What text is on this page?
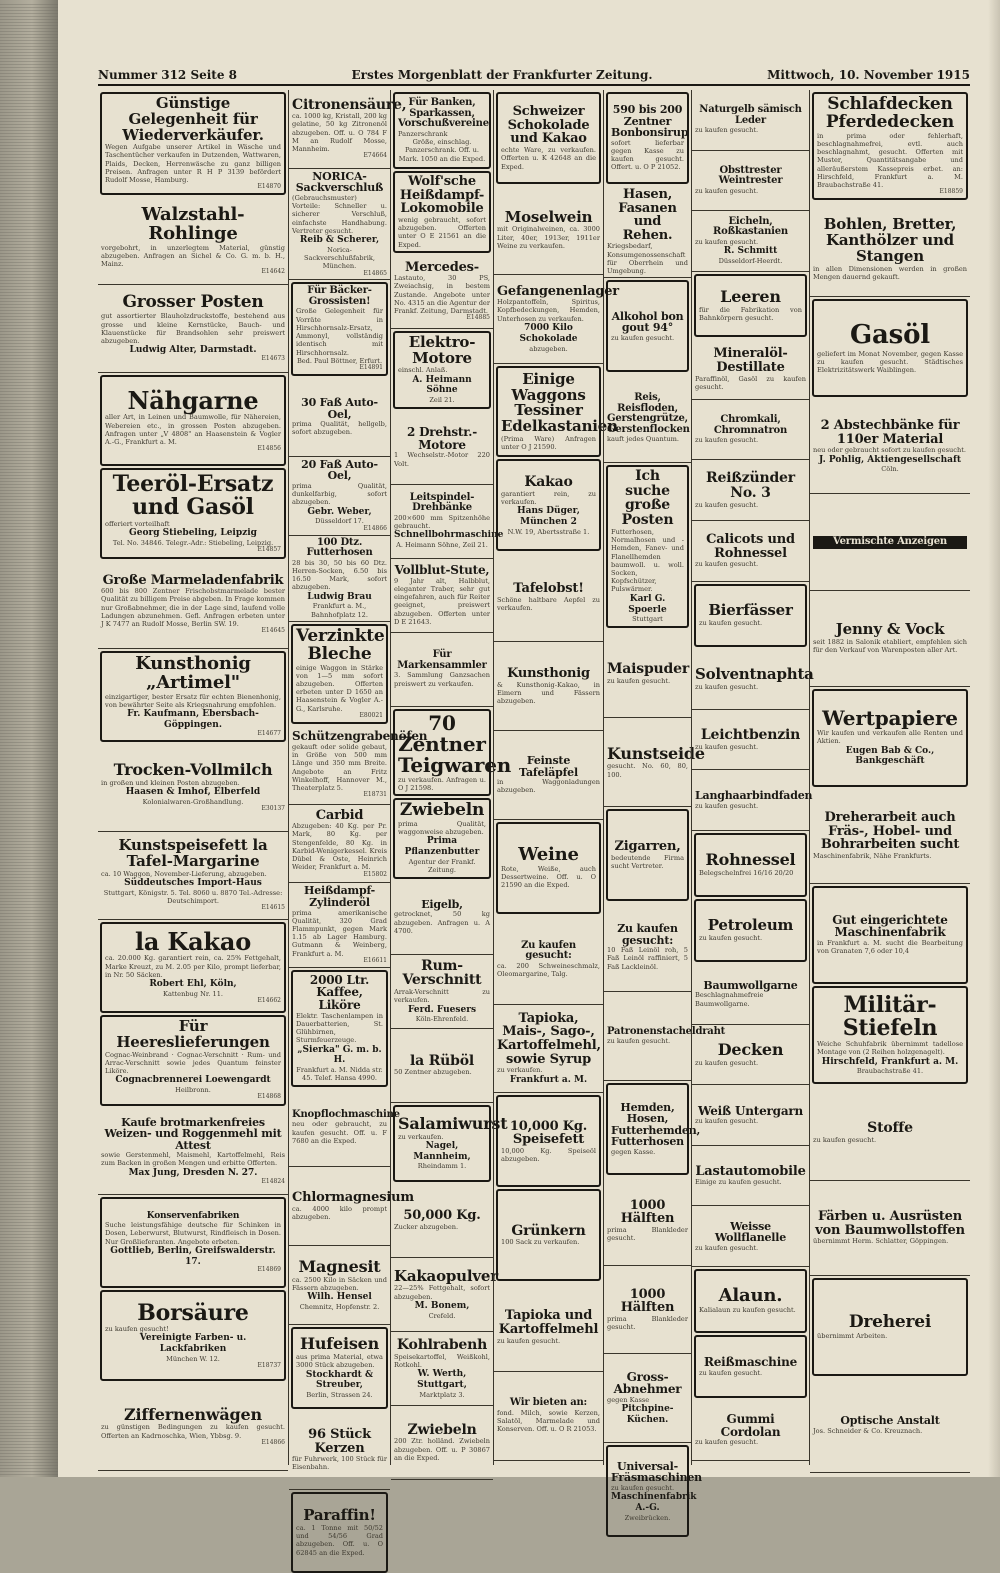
Nummer 312 Seite 8	Erstes Morgenblatt der Frankfurter Zeitung.	Mittwoch, 10. November 1915
Günstige Gelegenheit für Wiederverkäufer.
Wegen Aufgabe unserer Artikel in Wäsche und Taschentücher verkaufen in Dutzenden, Wattwaren, Plaids, Decken, Herrenwäsche zu ganz billigen Preisen. Anfragen unter R H P 3139 befördert Rudolf Mosse, Hamburg.
E14870
Walzstahl-Rohlinge
vorgebohrt, in unzerlegtem Material, günstig abzugeben. Anfragen an Sichel & Co. G. m. b. H., Mainz.
E14642
Grosser Posten
gut assortierter Blauholzdruckstoffe, bestehend aus grosse und kleine Kernstücke, Bauch- und Klauenstücke für Brandsohlen sehr preiswert abzugeben.
Ludwig Alter, Darmstadt.
E14673
Nähgarne
aller Art, in Leinen und Baumwolle, für Nähereien, Webereien etc., in grossen Posten abzugeben. Anfragen unter „V 4808" an Haasenstein & Vogler A.-G., Frankfurt a. M.
E14856
Teeröl-Ersatz und Gasöl
offeriert vorteilhaft
Georg Stiebeling, Leipzig
Tel. No. 34846. Telegr.-Adr.: Stiebeling, Leipzig.
E14857
Große Marmeladenfabrik
600 bis 800 Zentner Frischobstmarmelade bester Qualität zu billigem Preise abgeben. In Frage kommen nur Großabnehmer, die in der Lage sind, laufend volle Ladungen abzunehmen. Gefl. Anfragen erbeten unter J K 7477 an Rudolf Mosse, Berlin SW. 19.
E14645
Kunsthonig „Artimel"
einzigartiger, bester Ersatz für echten Bienenhonig, von bewährter Seite als Kriegsnahrung empfohlen.
Fr. Kaufmann, Ebersbach-Göppingen.
E14677
Trocken-Vollmilch
in großen und kleinen Posten abzugeben.
Haasen & Imhof, Elberfeld
Kolonialwaren-Großhandlung.
E30137
Kunstspeisefett la Tafel-Margarine
ca. 10 Waggon, November-Lieferung, abzugeben.
Süddeutsches Import-Haus
Stuttgart, Königstr. 5. Tel. 8060 u. 8870 Tel.-Adresse: Deutschimport.
E14615
la Kakao
ca. 20.000 Kg. garantiert rein, ca. 25% Fettgehalt, Marke Kreuzt, zu M. 2.05 per Kilo, prompt lieferbar, in Nr. 50 Säcken.
Robert Ehl, Köln,
Kattenbug Nr. 11.
E14662
Für Heereslieferungen
Cognac-Weinbrand · Cognac-Verschnitt · Rum- und Arrac-Verschnitt sowie jedes Quantum feinster Liköre.
Cognacbrennerei Loewengardt
Heilbronn.
E14868
Kaufe brotmarkenfreies Weizen- und Roggenmehl mit Attest
sowie Gerstenmehl, Maismehl, Kartoffelmehl, Reis zum Backen in großen Mengen und erbitte Offerten.
Max Jung, Dresden N. 27.
E14824
Konservenfabriken
Suche leistungsfähige deutsche für Schinken in Dosen, Leberwurst, Blutwurst, Rindfleisch in Dosen. Nur Großlieferanten. Angebote erbeten.
Gottlieb, Berlin, Greifswalderstr. 17.
E14869
Borsäure
zu kaufen gesucht!
Vereinigte Farben- u. Lackfabriken
München W. 12.
E18737
Ziffernenwägen
zu günstigen Bedingungen zu kaufen gesucht. Offerten an Kadrnoschka, Wien, Ybbsg. 9.
E14866
Citronensäure,
ca. 1000 kg, Kristall, 200 kg gelatine, 50 kg Zitronenöl abzugeben. Off. u. O 784 F M an Rudolf Mosse, Mannheim.
E74664
NORICA-Sackverschluß
(Gebrauchsmuster) Vorteile: Schneller u. sicherer Verschluß, einfachste Handhabung. Vertreter gesucht.
Reib & Scherer,
Norica-Sackverschlußfabrik, München.
E14865
Für Bäcker-Grossisten!
Große Gelegenheit für Vorräte in Hirschhornsalz-Ersatz, Ammonyl, vollständig identisch mit Hirschhornsalz.
Bed. Paul Böttner, Erfurt.
E14891
30 Faß Auto-Oel,
prima Qualität, hellgelb, sofort abzugeben.
20 Faß Auto-Oel,
prima Qualität, dunkelfarbig, sofort abzugeben.
Gebr. Weber,
Düsseldorf 17.
E14866
100 Dtz. Futterhosen
28 bis 30, 50 bis 60 Dtz. Herren-Socken, 6.50 bis 16.50 Mark, sofort abzugeben.
Ludwig Brau
Frankfurt a. M., Bahnhofplatz 12.
Verzinkte Bleche
einige Waggon in Stärke von 1—5 mm sofort abzugeben. Offerten erbeten unter D 1650 an Haasenstein & Vogler A.-G., Karlsruhe.
E80021
Schützengrabenöfen
gekauft oder solide gebaut, in Größe von 500 mm Länge und 350 mm Breite. Angebote an Fritz Winkelhoff, Hannover M., Theaterplatz 5.
E18731
Carbid
Abzugeben: 40 Kg. per Pr. Mark, 80 Kg. per Stengenfelde, 80 Kg. in Karbid-Wenigerkessel. Kreis Dübel & Oste, Heinrich Weider, Frankfurt a. M.
E15802
Heißdampf-Zylinderöl
prima amerikanische Qualität, 320 Grad Flammpunkt, gegen Mark 1.15 ab Lager Hamburg. Gutmann & Weinberg, Frankfurt a. M.
E16611
2000 Ltr. Kaffee, Liköre
Elektr. Taschenlampen in Dauerbatterien, St. Glühbirnen, Sturmfeuerzeuge.
„Sierka" G. m. b. H.
Frankfurt a. M. Nidda str. 45. Telef. Hansa 4990.
Knopflochmaschine
neu oder gebraucht, zu kaufen gesucht. Off. u. F 7680 an die Exped.
Chlormagnesium
ca. 4000 kilo prompt abzugeben.
Magnesit
ca. 2500 Kilo in Säcken und Fässern abzugeben.
Wilh. Hensel
Chemnitz, Hopfenstr. 2.
Hufeisen
aus prima Material, etwa 3000 Stück abzugeben.
Stockhardt & Streuber,
Berlin, Strassen 24.
96 Stück Kerzen
für Fuhrwerk, 100 Stück für Eisenbahn.
Paraffin!
ca. 1 Tonne mit 50/52 und 54/56 Grad abzugeben. Off. u. O 62845 an die Exped.
Für Banken, Sparkassen, Vorschußvereine
Panzerschrank
Größe, einschlag. Panzerschrank. Off. u. Mark. 1050 an die Exped.
Wolf'sche Heißdampf-Lokomobile
wenig gebraucht, sofort abzugeben. Offerten unter O E 21561 an die Exped.
Mercedes-
Lastauto, 30 PS, Zweiachsig, in bestem Zustande. Angebote unter No. 4315 an die Agentur der Frankf. Zeitung, Darmstadt.
E14885
Elektro-Motore
einschl. Anlaß.
A. Heimann Söhne
Zeil 21.
2 Drehstr.-Motore
1 Wechselstr.-Motor 220 Volt.
Leitspindel-Drehbänke
200×600 mm Spitzenhöhe gebraucht.
Schnellbohrmaschine
A. Heimann Söhne, Zeil 21.
Vollblut-Stute,
9 Jahr alt, Halbblut, eleganter Traber, sehr gut eingefahren, auch für Reiter geeignet, preiswert abzugeben. Offerten unter D E 21643.
Für Markensammler
3. Sammlung Ganzsachen preiswert zu verkaufen.
70 Zentner Teigwaren
zu verkaufen. Anfragen u. O J 21598.
Zwiebeln
prima Qualität, waggonweise abzugeben.
Prima Pflanzenbutter
Agentur der Frankf. Zeitung.
Eigelb,
getrocknet, 50 kg abzugeben. Anfragen u. A 4700.
Rum-Verschnitt
Arrak-Verschnitt zu verkaufen.
Ferd. Fuesers
Köln-Ehrenfeld.
la Rüböl
50 Zentner abzugeben.
Salamiwurst
zu verkaufen.
Nagel, Mannheim,
Rheindamm 1.
50,000 Kg.
Zucker abzugeben.
Kakaopulver
22—25% Fettgehalt, sofort abzugeben.
M. Bonem,
Crefeld.
Kohlrabenh
Speisekartoffel, Weißkohl, Rotkohl.
W. Werth, Stuttgart,
Marktplatz 3.
Zwiebeln
200 Ztr. holländ. Zwiebeln abzugeben. Off. u. P 30867 an die Exped.
Schweizer Schokolade und Kakao
echte Ware, zu verkaufen. Offerten u. K 42648 an die Exped.
Moselwein
mit Originalweinen, ca. 3000 Liter, 40er, 1913er, 1911er Weine zu verkaufen.
Gefangenenlager
Holzpantoffeln, Spiritus, Kopfbedeckungen, Hemden, Unterhosen zu verkaufen.
7000 Kilo Schokolade
abzugeben.
Einige Waggons Tessiner Edelkastanien
(Prima Ware) Anfragen unter O J 21590.
Kakao
garantiert rein, zu verkaufen.
Hans Düger, München 2
N.W. 19, Abertsstraße 1.
Tafelobst!
Schöne haltbare Aepfel zu verkaufen.
Kunsthonig
& Kunsthonig-Kakao, in Eimern und Fässern abzugeben.
Feinste Tafeläpfel
in Waggonladungen abzugeben.
Weine
Rote, Weiße, auch Dessertweine. Off. u. O 21590 an die Exped.
Zu kaufen gesucht:
ca. 200 Schweineschmalz, Oleomargarine, Talg.
Tapioka, Mais-, Sago-, Kartoffelmehl, sowie Syrup
zu verkaufen.
Frankfurt a. M.
10,000 Kg. Speisefett
10,000 Kg. Speiseöl abzugeben.
Grünkern
100 Sack zu verkaufen.
Tapioka und Kartoffelmehl
zu kaufen gesucht.
Wir bieten an:
fond. Milch, sowie Kerzen, Salatöl, Marmelade und Konserven. Off. u. O R 21053.
590 bis 200 Zentner Bonbonsirup
sofort lieferbar gegen Kasse zu kaufen gesucht. Offert. u. O P 21052.
Hasen, Fasanen und Rehen.
Kriegsbedarf, Konsumgenossenschaft für Oberrhein und Umgebung.
Alkohol bon gout 94°
zu kaufen gesucht.
Reis, Reisfloden, Gerstengrütze, Gerstenflocken
kauft jedes Quantum.
Ich suche große Posten
Futterhosen, Normalhosen und -Hemden, Fanev- und Flanellhemden baumwoll. u. woll. Socken, Kopfschützer, Pulswärmer.
Karl G. Spoerle
Stuttgart
Maispuder
zu kaufen gesucht.
Kunstseide
gesucht. No. 60, 80, 100.
Zigarren,
bedeutende Firma sucht Vertreter.
Zu kaufen gesucht:
10 Faß Leinöl roh, 5 Faß Leinöl raffiniert, 5 Faß Lackleinöl.
Patronenstacheldraht
zu kaufen gesucht.
Hemden, Hosen, Futterhemden, Futterhosen
gegen Kasse.
1000 Hälften
prima Blankleder gesucht.
1000 Hälften
prima Blankleder gesucht.
Gross-Abnehmer
gegen Kasse
Pitchpine-Küchen.
Universal-Fräsmaschinen
zu kaufen gesucht.
Maschinenfabrik A.-G.
Zweibrücken.
Naturgelb sämisch Leder
zu kaufen gesucht.
Obsttrester Weintrester
zu kaufen gesucht.
Eicheln, Roßkastanien
zu kaufen gesucht.
R. Schmitt
Düsseldorf-Heerdt.
Leeren
für die Fabrikation von Bahnkörpern gesucht.
Mineralöl-Destillate
Paraffinöl, Gasöl zu kaufen gesucht.
Chromkali, Chromnatron
zu kaufen gesucht.
Reißzünder No. 3
zu kaufen gesucht.
Calicots und Rohnessel
zu kaufen gesucht.
Bierfässer
zu kaufen gesucht.
Solventnaphta
zu kaufen gesucht.
Leichtbenzin
zu kaufen gesucht.
Langhaarbindfaden
zu kaufen gesucht.
Rohnessel
Belegschelnfrei 16/16 20/20
Petroleum
zu kaufen gesucht.
Baumwollgarne
Beschlagnahmefreie Baumwollgarne.
Decken
zu kaufen gesucht.
Weiß Untergarn
zu kaufen gesucht.
Lastautomobile
Einige zu kaufen gesucht.
Weisse Wollflanelle
zu kaufen gesucht.
Alaun.
Kalialaun zu kaufen gesucht.
Reißmaschine
zu kaufen gesucht.
Gummi Cordolan
zu kaufen gesucht.
Schlafdecken Pferdedecken
in prima oder fehlerhaft, beschlagnahmefrei, evtl. auch beschlagnahmt, gesucht. Offerten mit Muster, Quantitätsangabe und alleräußerstem Kassepreis erbet. an: Hirschfeld, Frankfurt a. M. Braubachstraße 41.
E18859
Bohlen, Bretter, Kanthölzer und Stangen
in allen Dimensionen werden in großen Mengen dauernd gekauft.
Gasöl
geliefert im Monat November, gegen Kasse zu kaufen gesucht. Städtisches Elektrizitätswerk Waiblingen.
2 Abstechbänke für 110er Material
neu oder gebraucht sofort zu kaufen gesucht.
J. Pohlig, Aktiengesellschaft
Cöln.
Vermischte Anzeigen
Jenny & Vock
seit 1882 in Salonik etabliert, empfehlen sich für den Verkauf von Warenposten aller Art.
Wertpapiere
Wir kaufen und verkaufen alle Renten und Aktien.
Eugen Bab & Co., Bankgeschäft
Dreherarbeit auch Fräs-, Hobel- und Bohrarbeiten sucht
Maschinenfabrik, Nähe Frankfurts.
Gut eingerichtete Maschinenfabrik
in Frankfurt a. M. sucht die Bearbeitung von Granaten 7,6 oder 10,4
Militär-Stiefeln
Weiche Schuhfabrik übernimmt tadellose Montage von (2 Reihen holzgenagelt).
Hirschfeld, Frankfurt a. M.
Braubachstraße 41.
Stoffe
zu kaufen gesucht.
Färben u. Ausrüsten von Baumwollstoffen
übernimmt Herm. Schlatter, Göppingen.
Dreherei
übernimmt Arbeiten.
Optische Anstalt
Jos. Schneider & Co. Kreuznach.
